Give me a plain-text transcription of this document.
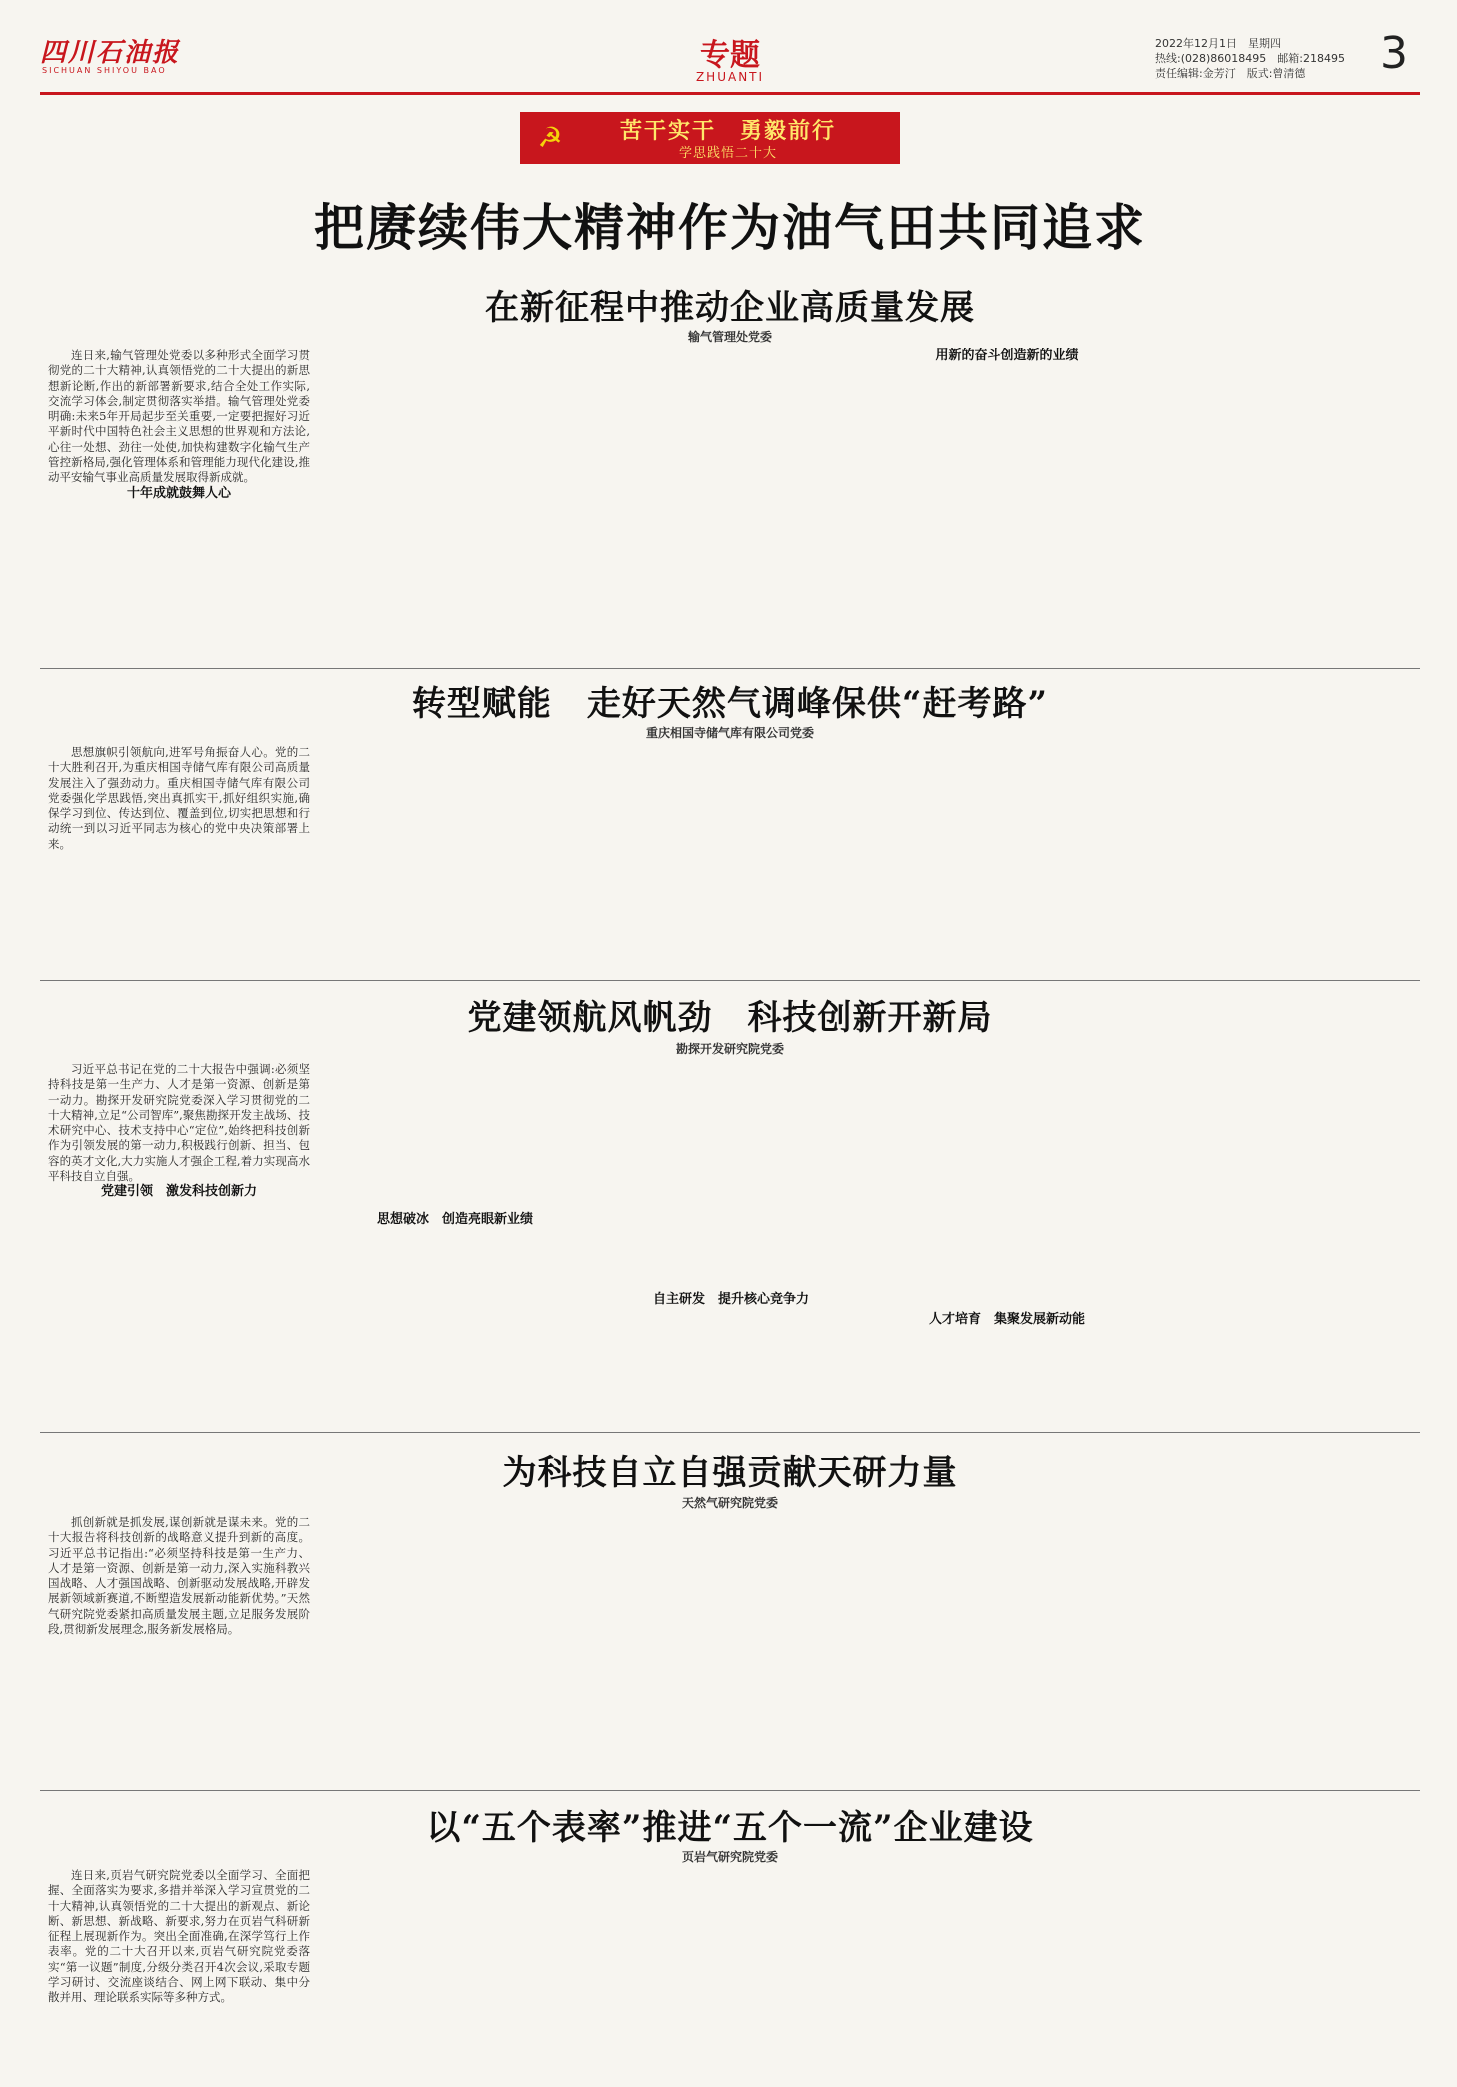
四川石油报
SICHUAN SHIYOU BAO	专题
ZHUANTI
2022年12月1日　星期四
热线:(028)86018495　邮箱:218495
责任编辑:金芳汀　版式:曾清德	3
☭	苦干实干　勇毅前行
学思践悟二十大
把赓续伟大精神作为油气田共同追求
在新征程中推动企业高质量发展
输气管理处党委

连日来,输气管理处党委以多种形式全面学习贯彻党的二十大精神,认真领悟党的二十大提出的新思想新论断,作出的新部署新要求,结合全处工作实际,交流学习体会,制定贯彻落实举措。输气管理处党委明确:未来5年开局起步至关重要,一定要把握好习近平新时代中国特色社会主义思想的世界观和方法论,心往一处想、劲往一处使,加快构建数字化输气生产管控新格局,强化管理体系和管理能力现代化建设,推动平安输气事业高质量发展取得新成就。

十年成就鼓舞人心

用新的奋斗创造新的业绩

转型赋能　走好天然气调峰保供“赶考路”
重庆相国寺储气库有限公司党委

思想旗帜引领航向,进军号角振奋人心。党的二十大胜利召开,为重庆相国寺储气库有限公司高质量发展注入了强劲动力。重庆相国寺储气库有限公司党委强化学思践悟,突出真抓实干,抓好组织实施,确保学习到位、传达到位、覆盖到位,切实把思想和行动统一到以习近平同志为核心的党中央决策部署上来。

党建领航风帆劲　科技创新开新局
勘探开发研究院党委

习近平总书记在党的二十大报告中强调:必须坚持科技是第一生产力、人才是第一资源、创新是第一动力。勘探开发研究院党委深入学习贯彻党的二十大精神,立足“公司智库”,聚焦勘探开发主战场、技术研究中心、技术支持中心“定位”,始终把科技创新作为引领发展的第一动力,积极践行创新、担当、包容的英才文化,大力实施人才强企工程,着力实现高水平科技自立自强。

党建引领　激发科技创新力

思想破冰　创造亮眼新业绩

自主研发　提升核心竞争力

人才培育　集聚发展新动能

为科技自立自强贡献天研力量
天然气研究院党委

抓创新就是抓发展,谋创新就是谋未来。党的二十大报告将科技创新的战略意义提升到新的高度。习近平总书记指出:“必须坚持科技是第一生产力、人才是第一资源、创新是第一动力,深入实施科教兴国战略、人才强国战略、创新驱动发展战略,开辟发展新领域新赛道,不断塑造发展新动能新优势。”天然气研究院党委紧扣高质量发展主题,立足服务发展阶段,贯彻新发展理念,服务新发展格局。

以“五个表率”推进“五个一流”企业建设
页岩气研究院党委

连日来,页岩气研究院党委以全面学习、全面把握、全面落实为要求,多措并举深入学习宣贯党的二十大精神,认真领悟党的二十大提出的新观点、新论断、新思想、新战略、新要求,努力在页岩气科研新征程上展现新作为。突出全面准确,在深学笃行上作表率。党的二十大召开以来,页岩气研究院党委落实“第一议题”制度,分级分类召开4次会议,采取专题学习研讨、交流座谈结合、网上网下联动、集中分散并用、理论联系实际等多种方式。
